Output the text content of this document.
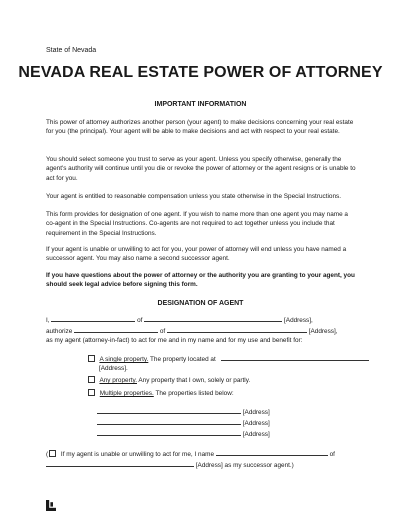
State of Nevada
NEVADA REAL ESTATE POWER OF ATTORNEY
IMPORTANT INFORMATION

This power of attorney authorizes another person (your agent) to make decisions concerning your real estate for you (the principal). Your agent will be able to make decisions and act with respect to your real estate.

You should select someone you trust to serve as your agent. Unless you specify otherwise, generally the agent's authority will continue until you die or revoke the power of attorney or the agent resigns or is unable to act for you.

Your agent is entitled to reasonable compensation unless you state otherwise in the Special Instructions.

This form provides for designation of one agent. If you wish to name more than one agent you may name a co-agent in the Special Instructions. Co-agents are not required to act together unless you include that requirement in the Special Instructions.

If your agent is unable or unwilling to act for you, your power of attorney will end unless you have named a successor agent. You may also name a second successor agent.

If you have questions about the power of attorney or the authority you are granting to your agent, you should seek legal advice before signing this form.

DESIGNATION OF AGENT
I,	of	[Address],
authorize	of	[Address],
as my agent (attorney-in-fact) to act for me and in my name and for my use and benefit for:
A single property. The property located at
[Address].
Any property. Any property that I own, solely or partly.
Multiple properties. The properties listed below:
[Address]
[Address]
[Address]
( If my agent is unable or unwilling to act for me, I name	of
[Address] as my successor agent.)
